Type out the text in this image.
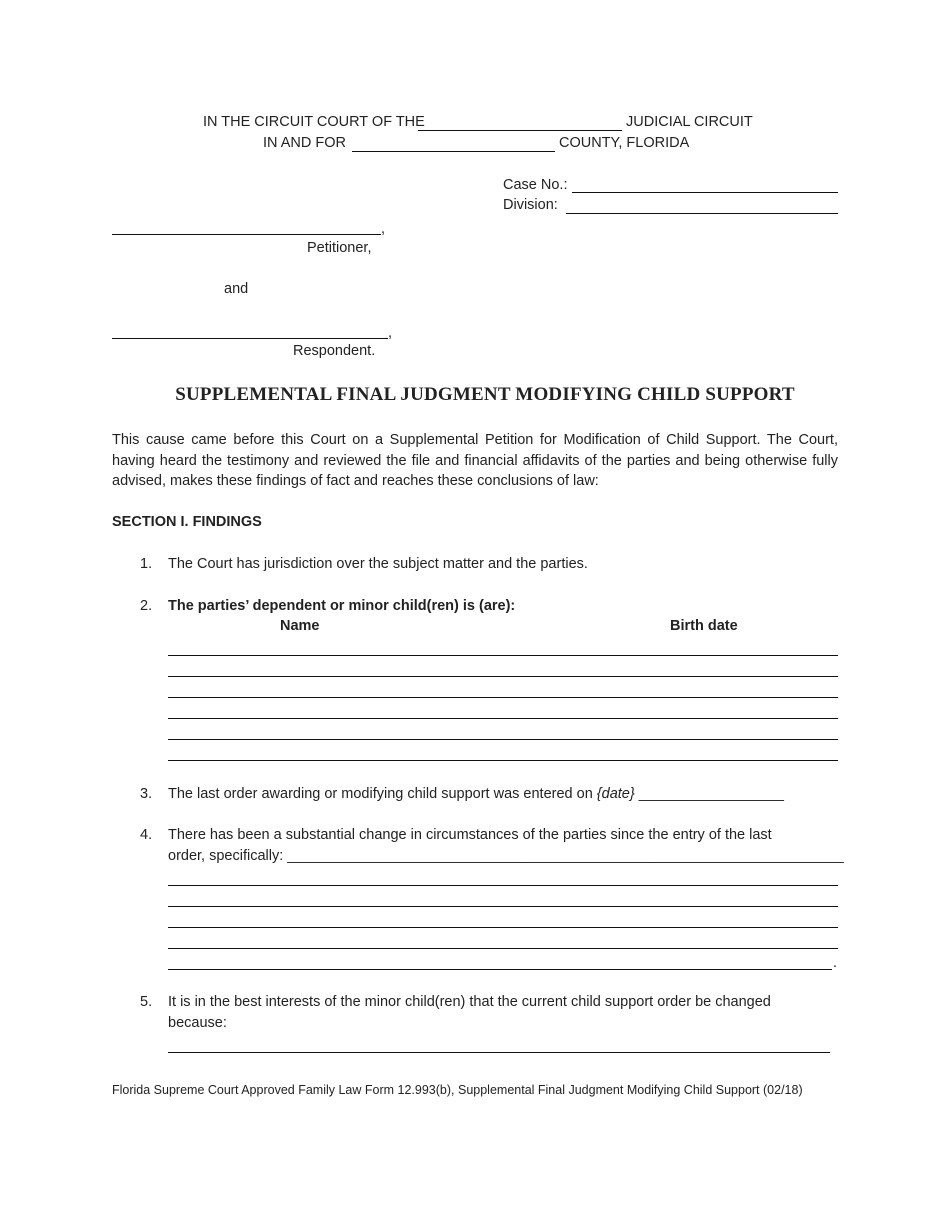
IN THE CIRCUIT COURT OF THE	JUDICIAL CIRCUIT
IN AND FOR	COUNTY, FLORIDA
Case No.:
Division:
,
Petitioner,
and
,
Respondent.
SUPPLEMENTAL FINAL JUDGMENT MODIFYING CHILD SUPPORT
This cause came before this Court on a Supplemental Petition for Modification of Child Support. The Court, having heard the testimony and reviewed the file and financial affidavits of the parties and being otherwise fully advised, makes these findings of fact and reaches these conclusions of law:
SECTION I. FINDINGS
1. The Court has jurisdiction over the subject matter and the parties.
2. The parties’ dependent or minor child(ren) is (are):
Name	Birth date
3. The last order awarding or modifying child support was entered on {date} __________________
4. There has been a substantial change in circumstances of the parties since the entry of the last
order, specifically: _____________________________________________________________________
.
5. It is in the best interests of the minor child(ren) that the current child support order be changed
because:
Florida Supreme Court Approved Family Law Form 12.993(b), Supplemental Final Judgment Modifying Child Support (02/18)
